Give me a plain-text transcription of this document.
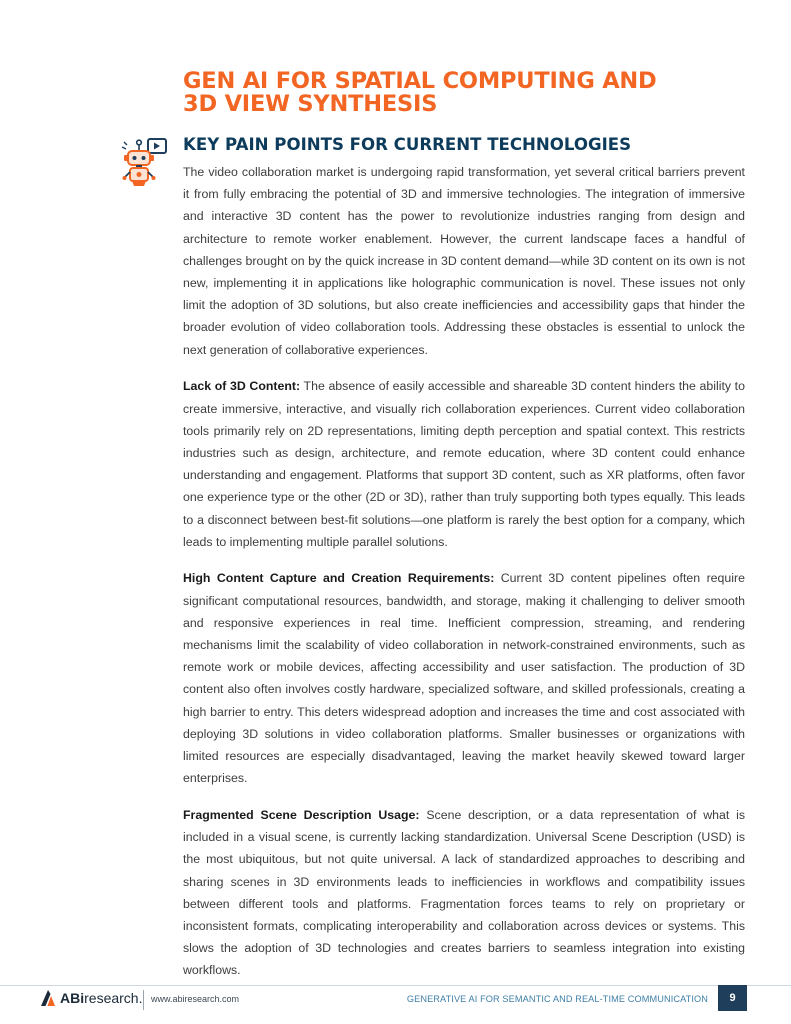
GEN AI FOR SPATIAL COMPUTING AND
3D VIEW SYNTHESIS
KEY PAIN POINTS FOR CURRENT TECHNOLOGIES

The video collaboration market is undergoing rapid transformation, yet several critical barriers prevent it from fully embracing the potential of 3D and immersive technologies. The integration of immersive and interactive 3D content has the power to revolutionize industries ranging from design and architecture to remote worker enablement. However, the current landscape faces a handful of challenges brought on by the quick increase in 3D content demand—while 3D content on its own is not new, implementing it in applications like holographic communication is novel. These issues not only limit the adoption of 3D solutions, but also create inefficiencies and accessibility gaps that hinder the broader evolution of video collaboration tools. Addressing these obstacles is essential to unlock the next generation of collaborative experiences.

Lack of 3D Content: The absence of easily accessible and shareable 3D content hinders the ability to create immersive, interactive, and visually rich collaboration experiences. Current video collaboration tools primarily rely on 2D representations, limiting depth perception and spatial context. This restricts industries such as design, architecture, and remote education, where 3D content could enhance understanding and engagement. Platforms that support 3D content, such as XR platforms, often favor one experience type or the other (2D or 3D), rather than truly supporting both types equally. This leads to a disconnect between best-fit solutions—one platform is rarely the best option for a company, which leads to implementing multiple parallel solutions.

High Content Capture and Creation Requirements: Current 3D content pipelines often require significant computational resources, bandwidth, and storage, making it challenging to deliver smooth and responsive experiences in real time. Inefficient compression, streaming, and rendering mechanisms limit the scalability of video collaboration in network-constrained environments, such as remote work or mobile devices, affecting accessibility and user satisfaction. The production of 3D content also often involves costly hardware, specialized software, and skilled professionals, creating a high barrier to entry. This deters widespread adoption and increases the time and cost associated with deploying 3D solutions in video collaboration platforms. Smaller businesses or organizations with limited resources are especially disadvantaged, leaving the market heavily skewed toward larger enterprises.

Fragmented Scene Description Usage: Scene description, or a data representation of what is included in a visual scene, is currently lacking standardization. Universal Scene Description (USD) is the most ubiquitous, but not quite universal. A lack of standardized approaches to describing and sharing scenes in 3D environments leads to inefficiencies in workflows and compatibility issues between different tools and platforms. Fragmentation forces teams to rely on proprietary or inconsistent formats, complicating interoperability and collaboration across devices or systems. This slows the adoption of 3D technologies and creates barriers to seamless integration into existing workflows.

ABiresearch. www.abiresearch.com	GENERATIVE AI FOR SEMANTIC AND REAL-TIME COMMUNICATION	9
